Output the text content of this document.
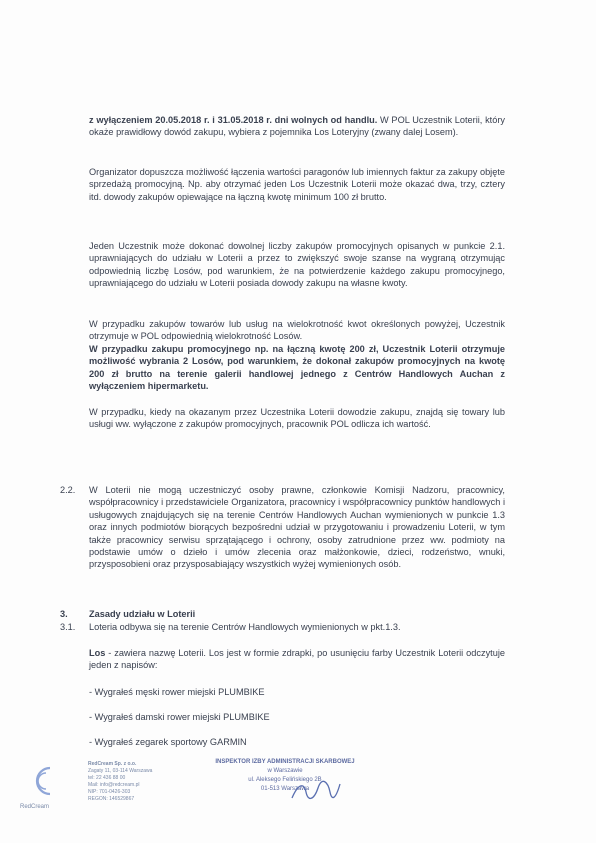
z wyłączeniem 20.05.2018 r. i 31.05.2018 r. dni wolnych od handlu. W POL Uczestnik Loterii, który okaże prawidłowy dowód zakupu, wybiera z pojemnika Los Loteryjny (zwany dalej Losem).

Organizator dopuszcza możliwość łączenia wartości paragonów lub imiennych faktur za zakupy objęte sprzedażą promocyjną. Np. aby otrzymać jeden Los Uczestnik Loterii może okazać dwa, trzy, cztery itd. dowody zakupów opiewające na łączną kwotę minimum 100 zł brutto.

Jeden Uczestnik może dokonać dowolnej liczby zakupów promocyjnych opisanych w punkcie 2.1. uprawniających do udziału w Loterii a przez to zwiększyć swoje szanse na wygraną otrzymując odpowiednią liczbę Losów, pod warunkiem, że na potwierdzenie każdego zakupu promocyjnego, uprawniającego do udziału w Loterii posiada dowody zakupu na własne kwoty.

W przypadku zakupów towarów lub usług na wielokrotność kwot określonych powyżej, Uczestnik otrzymuje w POL odpowiednią wielokrotność Losów.

W przypadku zakupu promocyjnego np. na łączną kwotę 200 zł, Uczestnik Loterii otrzymuje możliwość wybrania 2 Losów, pod warunkiem, że dokonał zakupów promocyjnych na kwotę 200 zł brutto na terenie galerii handlowej jednego z Centrów Handlowych Auchan z wyłączeniem hipermarketu.

W przypadku, kiedy na okazanym przez Uczestnika Loterii dowodzie zakupu, znajdą się towary lub usługi ww. wyłączone z zakupów promocyjnych, pracownik POL odlicza ich wartość.

2.2. W Loterii nie mogą uczestniczyć osoby prawne, członkowie Komisji Nadzoru, pracownicy, współpracownicy i przedstawiciele Organizatora, pracownicy i współpracownicy punktów handlowych i usługowych znajdujących się na terenie Centrów Handlowych Auchan wymienionych w punkcie 1.3 oraz innych podmiotów biorących bezpośredni udział w przygotowaniu i prowadzeniu Loterii, w tym także pracownicy serwisu sprzątającego i ochrony, osoby zatrudnione przez ww. podmioty na podstawie umów o dzieło i umów zlecenia oraz małżonkowie, dzieci, rodzeństwo, wnuki, przysposobieni oraz przysposabiający wszystkich wyżej wymienionych osób.

3. Zasady udziału w Loterii
3.1. Loteria odbywa się na terenie Centrów Handlowych wymienionych w pkt.1.3.

Los - zawiera nazwę Loterii. Los jest w formie zdrapki, po usunięciu farby Uczestnik Loterii odczytuje jeden z napisów:

- Wygrałeś męski rower miejski PLUMBIKE
- Wygrałeś damski rower miejski PLUMBIKE
- Wygrałeś zegarek sportowy GARMIN
RedCream
RedCream Sp. z o.o.
Zagaty 11, 03-114 Warszawa
tel: 22 436 88 00
Mail: info@redcream.pl
NIP: 701-0426-303
REGON: 146529867
INSPEKTOR IZBY ADMINISTRACJI SKARBOWEJ
w Warszawie
ul. Aleksego Felińskiego 2B
01-513 Warszawa
